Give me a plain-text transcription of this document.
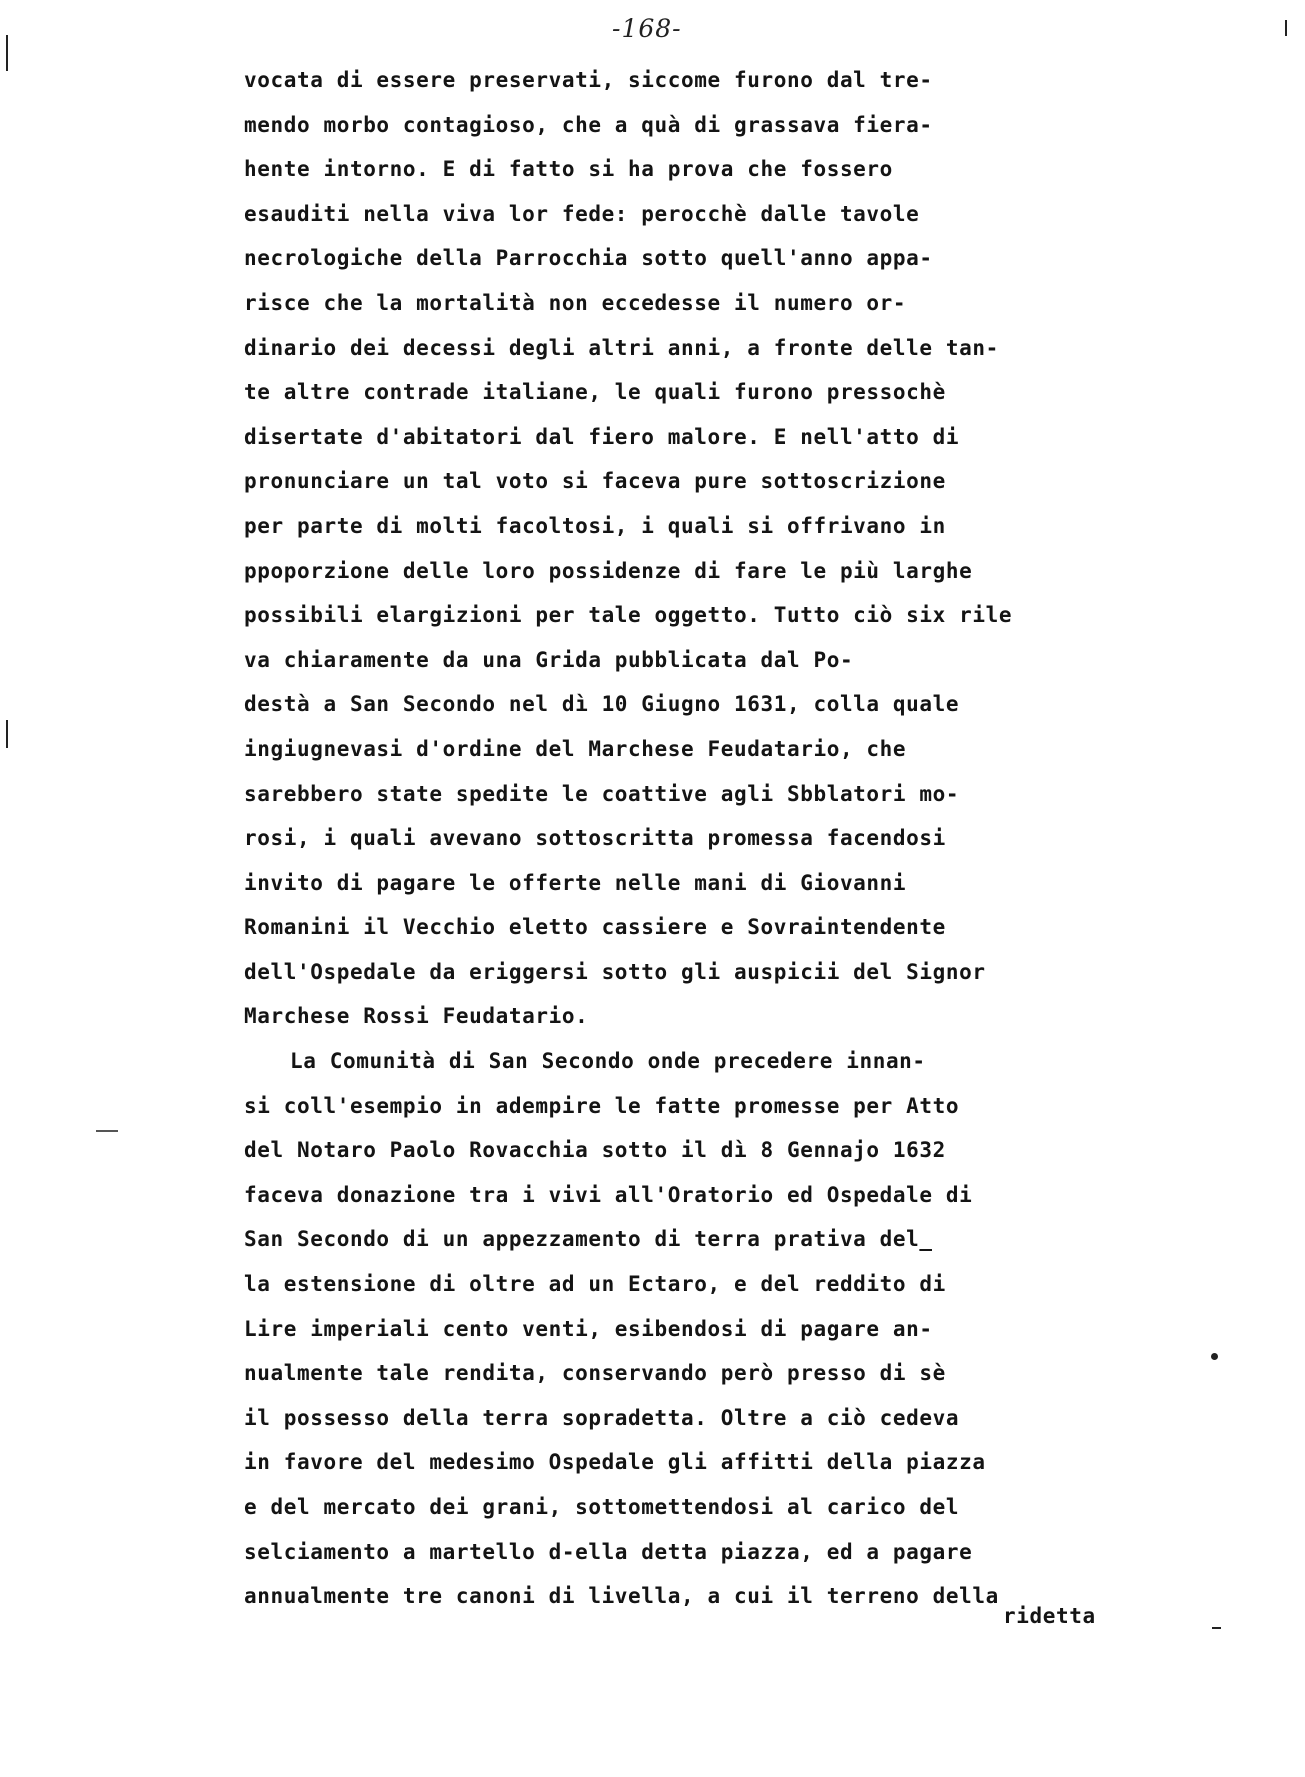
-168-
vocata di essere preservati, siccome furono dal tre-
mendo morbo contagioso, che a quà di grassava fiera-
hente intorno. E di fatto si ha prova che fossero
esauditi nella viva lor fede: perocchè dalle tavole
necrologiche della Parrocchia sotto quell'anno appa-
risce che la mortalità non eccedesse il numero or-
dinario dei decessi degli altri anni, a fronte delle tan-
te altre contrade italiane, le quali furono pressochè
disertate d'abitatori dal fiero malore. E nell'atto di
pronunciare un tal voto si faceva pure sottoscrizione
per parte di molti facoltosi, i quali si offrivano in
ppoporzione delle loro possidenze di fare le più larghe
possibili elargizioni per tale oggetto. Tutto ciò six rile
va chiaramente da una Grida pubblicata dal Po-
destà a San Secondo nel dì 10 Giugno 1631, colla quale
ingiugnevasi d'ordine del Marchese Feudatario, che
sarebbero state spedite le coattive agli Sbblatori mo-
rosi, i quali avevano sottoscritta promessa facendosi
invito di pagare le offerte nelle mani di Giovanni
Romanini il Vecchio eletto cassiere e Sovraintendente
dell'Ospedale da eriggersi sotto gli auspicii del Signor
Marchese Rossi Feudatario.
La Comunità di San Secondo onde precedere innan-
si coll'esempio in adempire le fatte promesse per Atto
del Notaro Paolo Rovacchia sotto il dì 8 Gennajo 1632
faceva donazione tra i vivi all'Oratorio ed Ospedale di
San Secondo di un appezzamento di terra prativa del_
la estensione di oltre ad un Ectaro, e del reddito di
Lire imperiali cento venti, esibendosi di pagare an-
nualmente tale rendita, conservando però presso di sè
il possesso della terra sopradetta. Oltre a ciò cedeva
in favore del medesimo Ospedale gli affitti della piazza
e del mercato dei grani, sottomettendosi al carico del
selciamento a martello d-ella detta piazza, ed a pagare
annualmente tre canoni di livella, a cui il terreno della
ridetta
